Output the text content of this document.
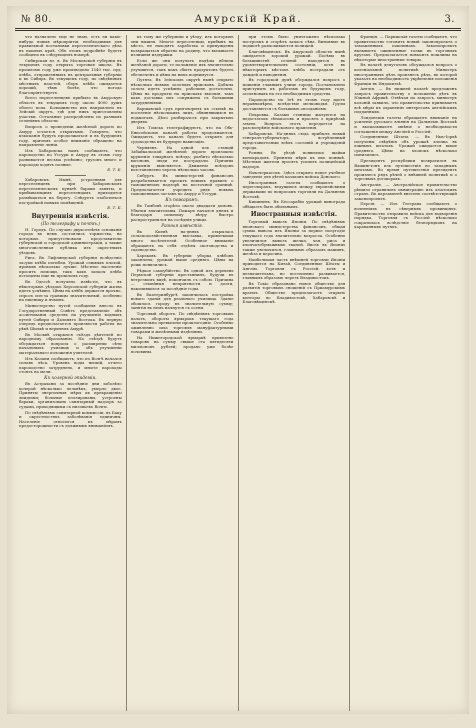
№ 80.	Амурскiй Край.	3.

что назначено еще не знаю, есть ли какiе-нибудь новыя мѣропрiятiя, необходимыя для правильной постановки переселенческаго дѣла въ нашемъ краѣ. Объ этомъ подробнѣе будетъ сообщено въ слѣдующемъ номерѣ.

Сибирская яз. в. Въ Московской губернiи въ текущемъ году открыта торговая школа. Въ прошломъ году уже произведено 1540 тыс. пуд. хлѣба, отправленныхъ въ центральныя губернiи и въ Сибирь. Въ текущемъ году, по свѣдѣнiямъ мѣстныхъ властей, сборъ хлѣба ожидается хорошiй, тѣмъ болѣе, что погода благопрiятствуетъ.

Всего переселенцевъ прибыло въ Амурскую область въ текущемъ году около 4000 душъ обоего пола. Большинство ихъ направлено въ Зейскiй округъ, гдѣ для нихъ приготовлены участки. Остальные распредѣлены по разнымъ селенiямъ области.

Вопросъ о проведенiи желѣзной дороги по Амуру остается открытымъ. Говорятъ, что изысканiя будутъ продолжаться и въ будущемъ году, причемъ особое вниманiе обращено на направленiе линiи.

Изъ Хабаровска намъ сообщаютъ, что пароходство по Уссури и Амуру въ этомъ году развивается весьма успѣшно; грузовъ много и пароходы ходятъ полные.

Е. Т. Б.

Хабаровскъ. Нынѣ, устроенныя для переселенцевъ при Хабаровскомъ переселенческомъ пунктѣ бараки заняты, и прибывающимъ переселенцамъ приходится размѣщаться на берегу. Слѣдуетъ озаботиться постройкой новыхъ помѣщенiй.

Е. Т. Б.
Внутреннiя извѣстiя.
(По телеграфу и почтѣ.)

Н. Городъ. По случаю двухсотлѣтiя основанiя города въ немъ состоялись торжества, на которыхъ присутствовали представители губернской и городской администрацiи, а также многочисленная публика изъ окрестныхъ уѣздовъ.

Рига. Въ Лифляндской губернiи вслѣдствiе засухи хлѣба погибли. Урожай озимыхъ плохой, яровыхъ нѣсколько лучше. Мѣстное населенiе проситъ помощи, такъ какъ запасы хлѣба истощены еще въ прошломъ году.

Въ Одессѣ получено извѣстiе, что въ нѣкоторыхъ уѣздахъ Херсонской губернiи жатва идетъ успѣшно. Цѣны на хлѣбъ держатся прочно, спросъ изъ-за границы значительный, особенно на пшеницу и ячмень.

Министерство путей сообщенiя внесло въ Государственный Совѣтъ представленiе объ ассигнованiи средствъ на улучшенiе водныхъ путей Сибири и Дальняго Востока. Въ первую очередь предполагается произвести работы на рѣкѣ Шилкѣ и верхнемъ Амурѣ.

Въ Москвѣ открылся съѣздъ дѣятелей по народному образованiю. На съѣздѣ будутъ обсуждаться вопросы о расширенiи сѣти начальныхъ училищъ и объ улучшенiи матерiальнаго положенiя учителей.

Изъ Казани сообщаютъ, что по Волгѣ начался сплавъ лѣса. Уровень воды низкiй, отчего пароходство затруднено, и многiе пароходы стоятъ на мели.

Къ холерной эпидемiи.

Въ Астрахани за послѣднiе дни заболѣло холерой нѣсколько человѣкъ, умерло двое. Приняты энергичныя мѣры къ прекращенiю эпидемiи; больные изолированы, устроены бараки, организованъ санитарный надзоръ за судами, приходящими съ низовьевъ Волги.

По свѣдѣнiямъ санитарной коммиссiи, въ Баку и окрестностяхъ заболѣванiя единичны. Населенiе относится къ мѣрамъ предосторожности съ должнымъ вниманiемъ.

къ тому же губерниiи и уѣзду, изъ которыхъ они вышли. Многiе переселенцы, прибывъ на мѣсто, не находятъ заработка и принуждены возвращаться обратно на родину, что вызываетъ излишнiя издержки.

Если же они получатъ надѣлы вблизи желѣзной дороги, то положенiе ихъ значительно улучшится, такъ какъ сбытъ продуктовъ будетъ обезпеченъ и цѣны на нихъ поднимутся.

Путята. Въ Зейскомъ округѣ нынѣ открыто нѣсколько новыхъ золотыхъ прiисковъ. Добыча золота идетъ успѣшно, рабочихъ достаточно. Цѣны на продукты на прiискахъ высокiя, такъ какъ доставка ихъ сопряжена съ большими затрудненiями.

Варшавскiй судъ приговорилъ къ ссылкѣ на поселенiе нѣсколькихъ лицъ, обвинявшихся въ поджогахъ. Дѣло разбиралось при закрытыхъ дверяхъ.

Изъ Томска телеграфируютъ, что на Обь-Енисейскомъ каналѣ работы продолжаются. Ожидаютъ, что каналъ будетъ открытъ для судоходства въ будущую навигацiю.

Черняевъ. На одной изъ станцiй Забайкальской желѣзной дороги произошло крушенiе товарнаго поѣзда; разбито нѣсколько вагоновъ, люди не пострадали. Причина крушенiя выясняется. Движенiе поѣздовъ возстановлено черезъ нѣсколько часовъ.

Спбургъ. Въ министерствѣ финансовъ разрабатывается проектъ новыхъ правилъ о таможенномъ надзорѣ на восточной границѣ. Предполагается учредить рядъ новыхъ таможенныхъ заставъ по Амуру и Уссури.

Къ пожарамъ.

Въ Тамбовѣ сгорѣло около двадцати домовъ. Убытки значительны. Пожаръ начался днемъ и благодаря сильному вѣтру быстро распространился на сосѣднiя улицы.

Разныя извѣстiя.

Въ Киевѣ на-дняхъ открылась сельскохозяйственная выставка, привлекшая много посѣтителей. Особенное вниманiе обращаютъ на себя отдѣлы скотоводства и садоводства.

Харьковъ. Въ губернiи уборка хлѣбовъ закончена; урожай выше средняго. Цѣны на рожь понизились.

Рѣдкое самоубiйство. Въ одной изъ деревень Пермской губернiи крестьянинъ, будучи въ нетрезвомъ видѣ, покончилъ съ собою. Причина — семейныя непрiятности и долги, накопившiеся за послѣднiе годы.

Въ Екатеринбургѣ закончилась постройка новаго зданiя для реальнаго училища. Зданiе обошлось городу въ значительную сумму; занятiя въ немъ начнутся съ осени.

Торговый оборотъ. По свѣдѣнiямъ торговыхъ палатъ, обороты ярмарокъ текущаго года значительно превысили прошлогоднiе. Особенно оживленно шла торговля мануфактурными товарами и желѣзными издѣлiями.

На Нижегородской ярмаркѣ привезено товаровъ на сумму свыше ста пятидесяти миллiоновъ рублей; продано уже болѣе половины.

при этомъ было уничтожено нѣсколько построекъ и сгорѣлъ запасъ сѣна. Виновные въ поджогѣ разыскиваются полицiей.

Благовѣщенскъ. Въ Амурской области нынѣ ожидается хорошiй урожай. Посѣвы въ большинствѣ селенiй находятся въ удовлетворительномъ состоянiи, хотя въ нѣкоторыхъ мѣстахъ хлѣба пострадали отъ дождей и наводненiя.

Въ городской думѣ обсуждался вопросъ о мощенiи главныхъ улицъ города. Постановлено приступить къ работамъ въ будущемъ году, ассигновавъ на это необходимыя средства.

Пароходство по Зеѣ въ этомъ году идетъ неравномѣрно, вслѣдствiе мелководья. Грузы доставляются съ большимъ опозданiемъ.

Покровка. Казаки станицы жалуются на недостатокъ сѣнокосовъ и просятъ о прирѣзкѣ земли. Вопросъ этотъ передается на разсмотрѣнiе войскового правленiя.

Хабаровскъ. На-дняхъ сюда прибылъ новый генералъ-губернаторъ, встрѣченный представителями всѣхъ сословiй и учрежденiй города.

Ромны. Въ уѣздѣ появились шайки конокрадовъ. Приняты мѣры къ ихъ поимкѣ. Мѣстные жители просятъ усилить полицейскiй надзоръ.

Новочеркасскъ. Здѣсь открыто новое учебное заведенiе для дѣтей казаковъ войска Донского.

Иностранныя газеты сообщаютъ о переговорахъ, ведущихся между европейскими державами по вопросамъ торговли на Дальнемъ Востокѣ.

Кишиневъ. Въ Бессарабiи урожай винограда обѣщаетъ быть обильнымъ.

Иностранныя извѣстiя.

Торговый вывозъ Японiи. По свѣдѣнiямъ японскаго министерства финансовъ, общая сумма вывоза изъ Японiи за первое полугодiе текущаго года значительно возросла. Особенно увеличился вывозъ шелка, чая, риса и хлопчатобумажныхъ тканей. Ввозъ въ Японiю также увеличился, главнымъ образомъ машинъ, желѣза и керосина.

Наибольшая часть внѣшней торговли Японiи приходится на Китай, Соединенные Штаты и Англiю. Торговля съ Россiей, хотя и незначительна, но постепенно развивается, главнымъ образомъ черезъ Владивостокъ.

Въ Токiо образовано новое общество для развитiя торговыхъ сношенiй съ Приамурскимъ краемъ. Общество предполагаетъ открыть конторы во Владивостокѣ, Хабаровскѣ и Благовѣщенскѣ.

Францiя. — Парижскiя газеты сообщаютъ, что правительство готовитъ новый законопроектъ о таможенныхъ пошлинахъ. Законопроектъ вызываетъ оживленные толки въ торговыхъ кругахъ. Предполагается повысить пошлины на нѣкоторые иностранные товары.

Въ палатѣ депутатовъ обсуждался вопросъ о колонiальной политикѣ. Министръ иностранныхъ дѣлъ произнесъ рѣчь, въ которой указалъ на необходимость укрѣпленiя положенiя Францiи въ Индокитаѣ.

Англiя. — Въ нижней палатѣ предложенъ запросъ правительству о положенiи дѣлъ въ Южной Африкѣ. Отвѣчая на запросъ, министръ колонiй заявилъ, что правительство принимаетъ всѣ мѣры къ охраненiю интересовъ англiйскихъ подданныхъ.

Лондонскiя газеты обращаютъ вниманiе на усиленiе русскаго влiянiя на Дальнемъ Востокѣ и высказываютъ мнѣнiе о необходимости соглашенiя между Англiей и Россiей.

Соединенные Штаты. — Въ Нью-Iоркѣ получены свѣдѣнiя объ урожаѣ хлопка въ южныхъ штатахъ. Урожай ожидается выше средняго. Цѣны на хлопокъ нѣсколько понизились.

Президентъ республики возвратился въ Вашингтонъ изъ путешествiя по западнымъ штатамъ. Во время путешествiя президентъ произнесъ рядъ рѣчей о внѣшней политикѣ и о торговыхъ договорахъ.

Австралiя. — Австралiйское правительство рѣшило ограничить иммиграцiю изъ азiатскихъ странъ. Въ парламентѣ внесенъ соотвѣтствующiй законопроектъ.

Персiя. — Изъ Тегерана сообщаютъ о волненiяхъ въ сѣверныхъ провинцiяхъ. Правительство отправило войска для водворенiя порядка. Торговля съ Россiей нѣсколько сократилась вслѣдствiе безпорядковъ на караванныхъ путяхъ.
